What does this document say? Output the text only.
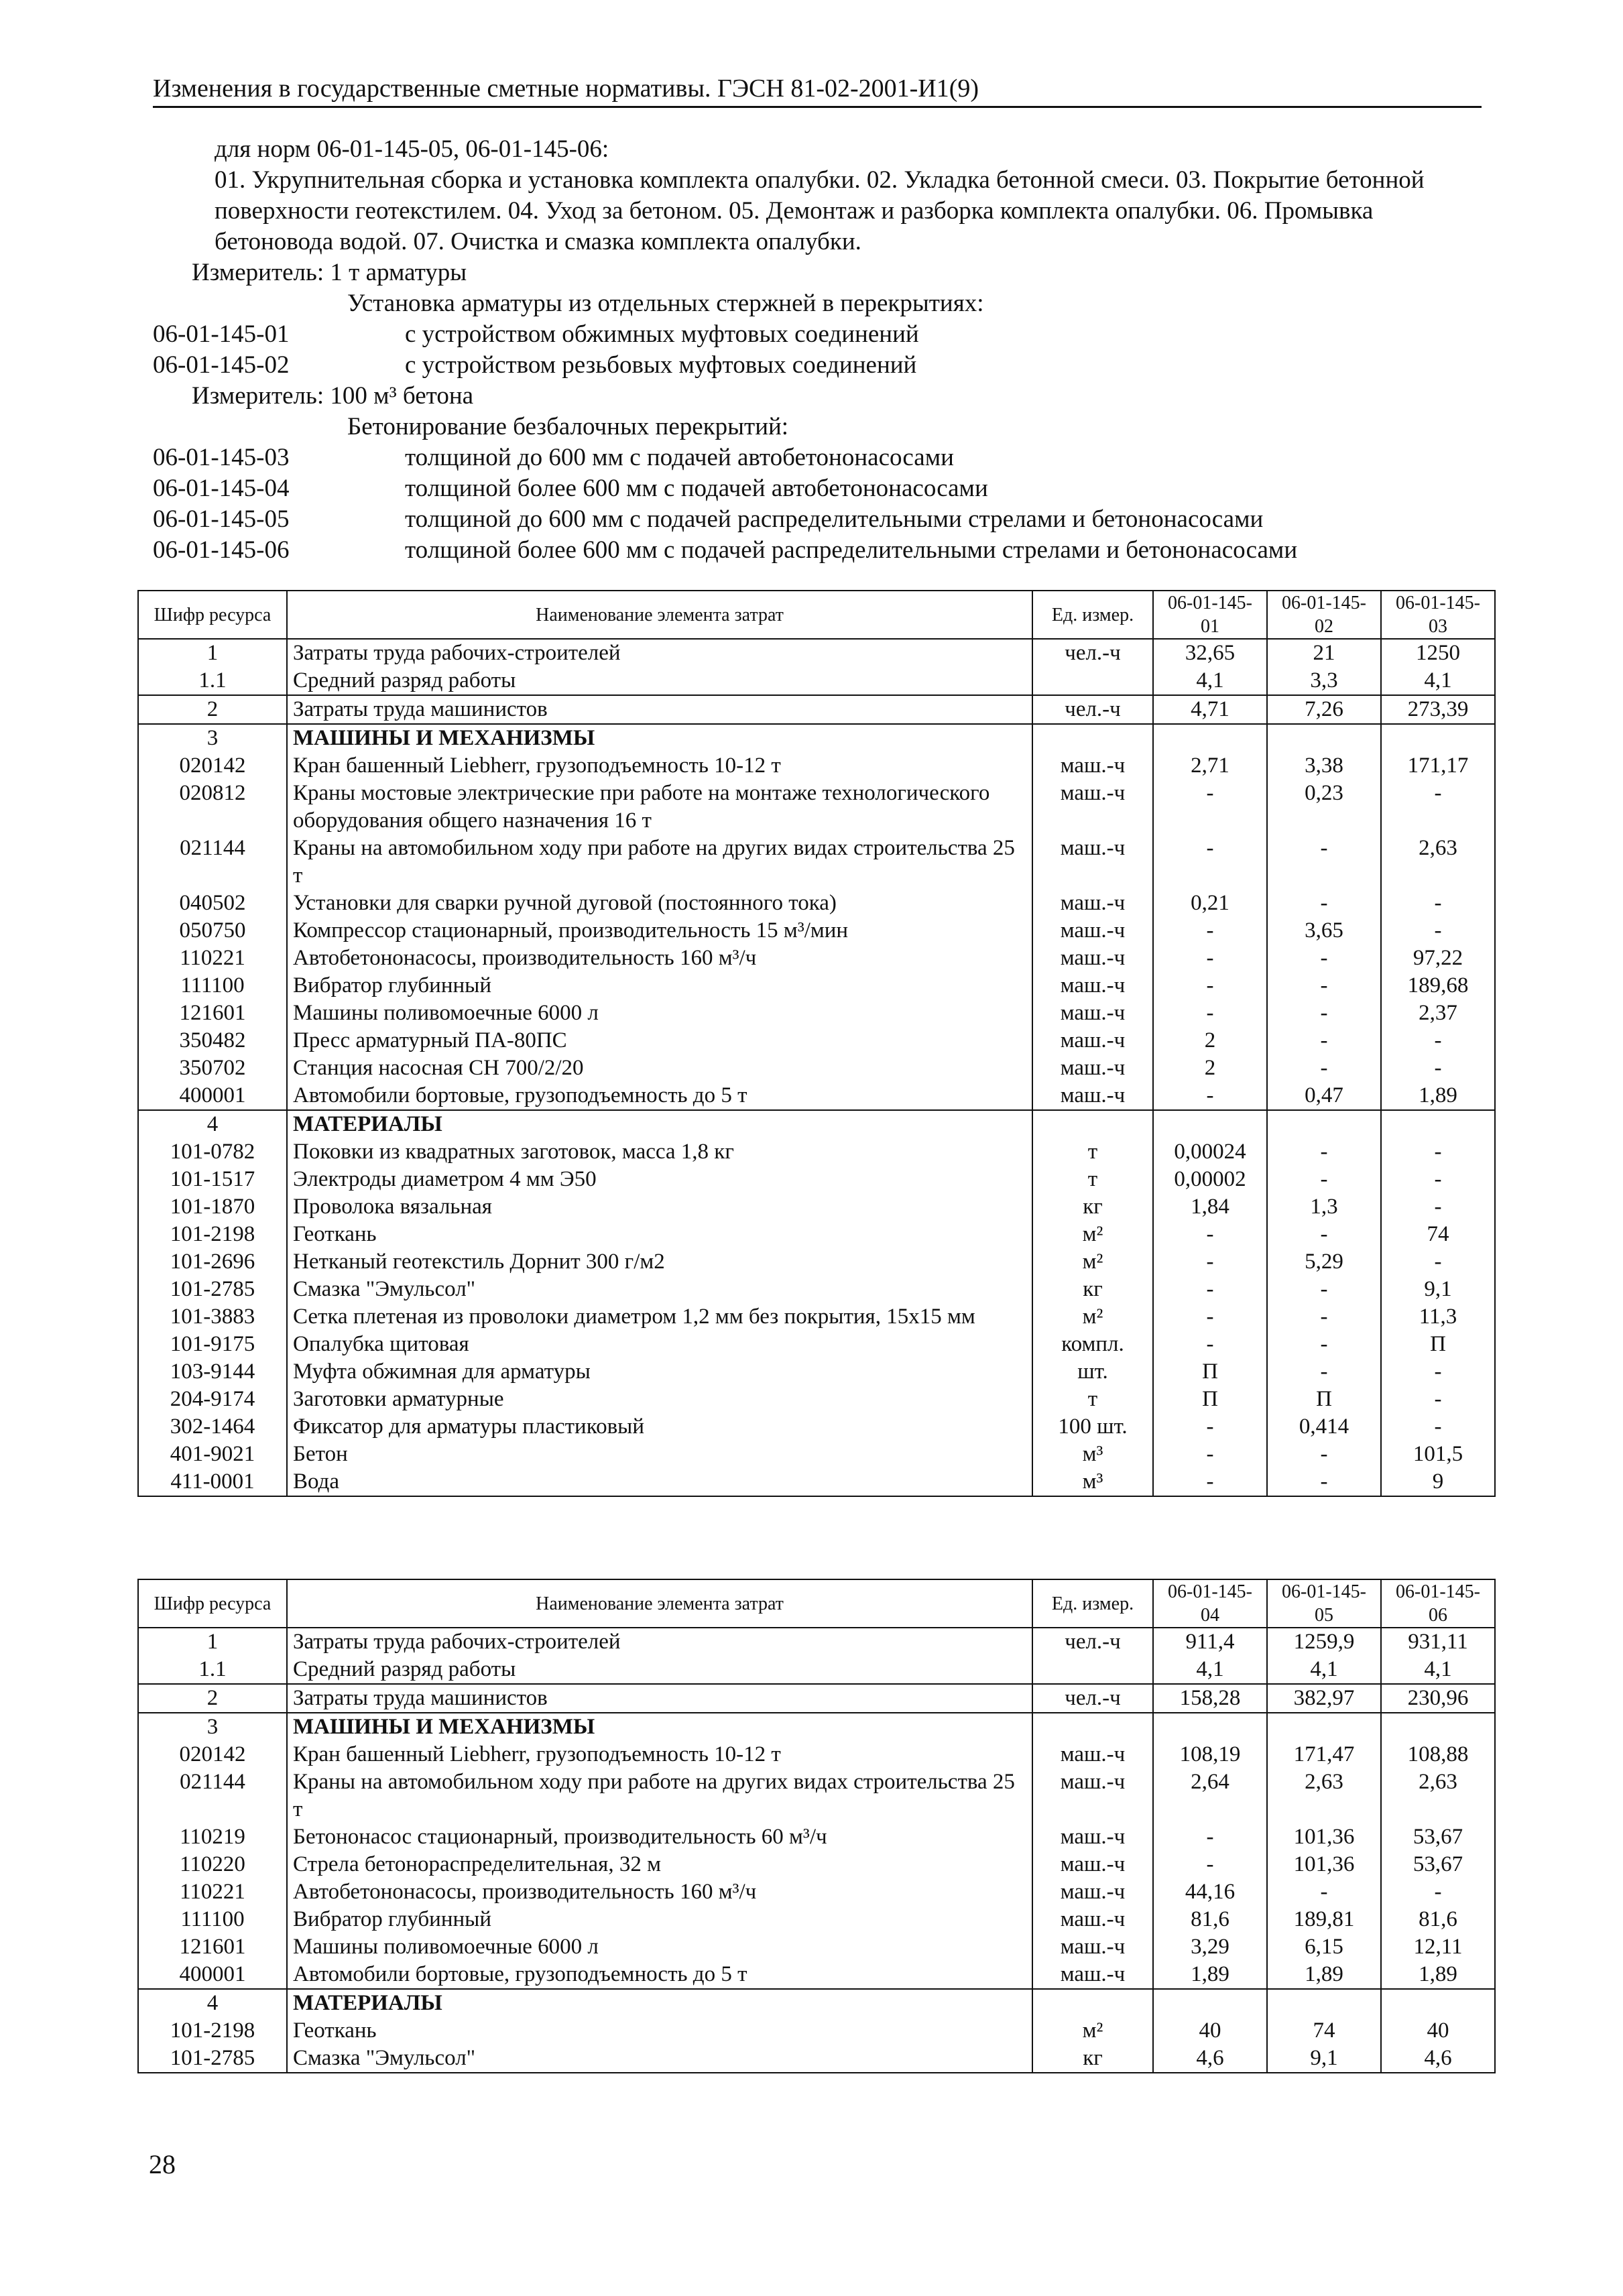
Изменения в государственные сметные нормативы. ГЭСН 81-02-2001-И1(9)

для норм 06-01-145-05, 06-01-145-06:

01. Укрупнительная сборка и установка комплекта опалубки. 02. Укладка бетонной смеси. 03. Покрытие бетонной поверхности геотекстилем. 04. Уход за бетоном. 05. Демонтаж и разборка комплекта опалубки. 06. Промывка бетоновода водой. 07. Очистка и смазка комплекта опалубки.

Измеритель: 1 т арматуры

Установка арматуры из отдельных стержней в перекрытиях:

06-01-145-01	с устройством обжимных муфтовых соединений
06-01-145-02	с устройством резьбовых муфтовых соединений

Измеритель: 100 м³ бетона

Бетонирование безбалочных перекрытий:

06-01-145-03	толщиной до 600 мм с подачей автобетононасосами
06-01-145-04	толщиной более 600 мм с подачей автобетононасосами
06-01-145-05	толщиной до 600 мм с подачей распределительными стрелами и бетононасосами
06-01-145-06	толщиной более 600 мм с подачей распределительными стрелами и бетононасосами
Шифр ресурса	Наименование элемента затрат	Ед. измер.	06-01-145-01	06-01-145-02	06-01-145-03
1	Затраты труда рабочих-строителей	чел.-ч	32,65	21	1250
1.1	Средний разряд работы		4,1	3,3	4,1
2	Затраты труда машинистов	чел.-ч	4,71	7,26	273,39
3	МАШИНЫ И МЕХАНИЗМЫ				
020142	Кран башенный Liebherr, грузоподъемность 10-12 т	маш.-ч	2,71	3,38	171,17
020812	Краны мостовые электрические при работе на монтаже технологического оборудования общего назначения 16 т	маш.-ч	-	0,23	-
021144	Краны на автомобильном ходу при работе на других видах строительства 25 т	маш.-ч	-	-	2,63
040502	Установки для сварки ручной дуговой (постоянного тока)	маш.-ч	0,21	-	-
050750	Компрессор стационарный, производительность 15 м³/мин	маш.-ч	-	3,65	-
110221	Автобетононасосы, производительность 160 м³/ч	маш.-ч	-	-	97,22
111100	Вибратор глубинный	маш.-ч	-	-	189,68
121601	Машины поливомоечные 6000 л	маш.-ч	-	-	2,37
350482	Пресс арматурный ПА-80ПС	маш.-ч	2	-	-
350702	Станция насосная СН 700/2/20	маш.-ч	2	-	-
400001	Автомобили бортовые, грузоподъемность до 5 т	маш.-ч	-	0,47	1,89
4	МАТЕРИАЛЫ				
101-0782	Поковки из квадратных заготовок, масса 1,8 кг	т	0,00024	-	-
101-1517	Электроды диаметром 4 мм Э50	т	0,00002	-	-
101-1870	Проволока вязальная	кг	1,84	1,3	-
101-2198	Геоткань	м²	-	-	74
101-2696	Нетканый геотекстиль Дорнит 300 г/м2	м²	-	5,29	-
101-2785	Смазка "Эмульсол"	кг	-	-	9,1
101-3883	Сетка плетеная из проволоки диаметром 1,2 мм без покрытия, 15х15 мм	м²	-	-	11,3
101-9175	Опалубка щитовая	компл.	-	-	П
103-9144	Муфта обжимная для арматуры	шт.	П	-	-
204-9174	Заготовки арматурные	т	П	П	-
302-1464	Фиксатор для арматуры пластиковый	100 шт.	-	0,414	-
401-9021	Бетон	м³	-	-	101,5
411-0001	Вода	м³	-	-	9
Шифр ресурса	Наименование элемента затрат	Ед. измер.	06-01-145-04	06-01-145-05	06-01-145-06
1	Затраты труда рабочих-строителей	чел.-ч	911,4	1259,9	931,11
1.1	Средний разряд работы		4,1	4,1	4,1
2	Затраты труда машинистов	чел.-ч	158,28	382,97	230,96
3	МАШИНЫ И МЕХАНИЗМЫ				
020142	Кран башенный Liebherr, грузоподъемность 10-12 т	маш.-ч	108,19	171,47	108,88
021144	Краны на автомобильном ходу при работе на других видах строительства 25 т	маш.-ч	2,64	2,63	2,63
110219	Бетононасос стационарный, производительность 60 м³/ч	маш.-ч	-	101,36	53,67
110220	Стрела бетонораспределительная, 32 м	маш.-ч	-	101,36	53,67
110221	Автобетононасосы, производительность 160 м³/ч	маш.-ч	44,16	-	-
111100	Вибратор глубинный	маш.-ч	81,6	189,81	81,6
121601	Машины поливомоечные 6000 л	маш.-ч	3,29	6,15	12,11
400001	Автомобили бортовые, грузоподъемность до 5 т	маш.-ч	1,89	1,89	1,89
4	МАТЕРИАЛЫ				
101-2198	Геоткань	м²	40	74	40
101-2785	Смазка "Эмульсол"	кг	4,6	9,1	4,6
28
